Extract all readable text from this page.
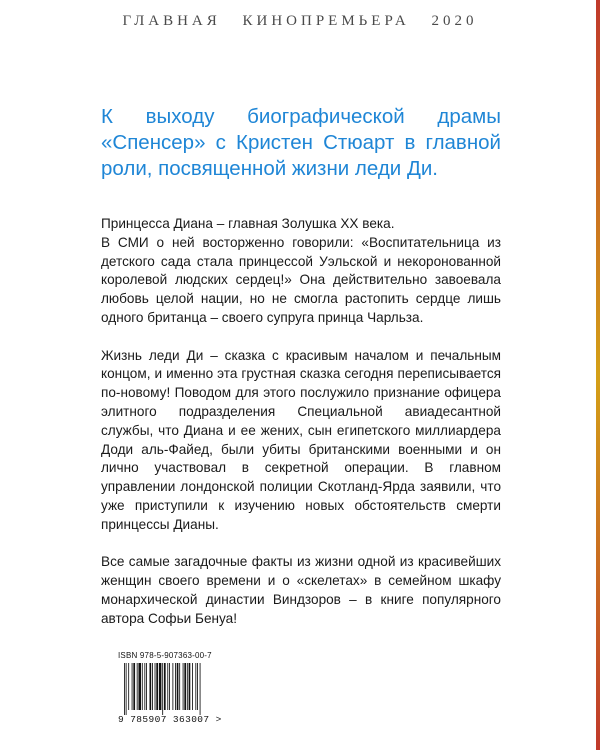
ГЛАВНАЯ КИНОПРЕМЬЕРА 2020
К выходу биографической драмы «Спенсер» с Кристен Стюарт в главной роли, посвященной жизни леди Ди.

Принцесса Диана – главная Золушка XX века.
В СМИ о ней восторженно говорили: «Воспитательница из детского сада стала принцессой Уэльской и некоронованной королевой людских сердец!» Она действительно завоевала любовь целой нации, но не смогла растопить сердце лишь одного британца – своего супруга принца Чарльза.

Жизнь леди Ди – сказка с красивым началом и печальным концом, и именно эта грустная сказка сегодня переписывается по-новому! Поводом для этого послужило признание офицера элитного подразделения Специальной авиадесантной службы, что Диана и ее жених, сын египетского миллиардера Доди аль-Файед, были убиты британскими военными и он лично участвовал в секретной операции. В главном управлении лондонской полиции Скотланд-Ярда заявили, что уже приступили к изучению новых обстоятельств смерти принцессы Дианы.

Все самые загадочные факты из жизни одной из красивейших женщин своего времени и о «скелетах» в семейном шкафу монархической династии Виндзоров – в книге популярного автора Софьи Бенуа!

ISBN 978-5-907363-00-7
9 785907 363007 >
